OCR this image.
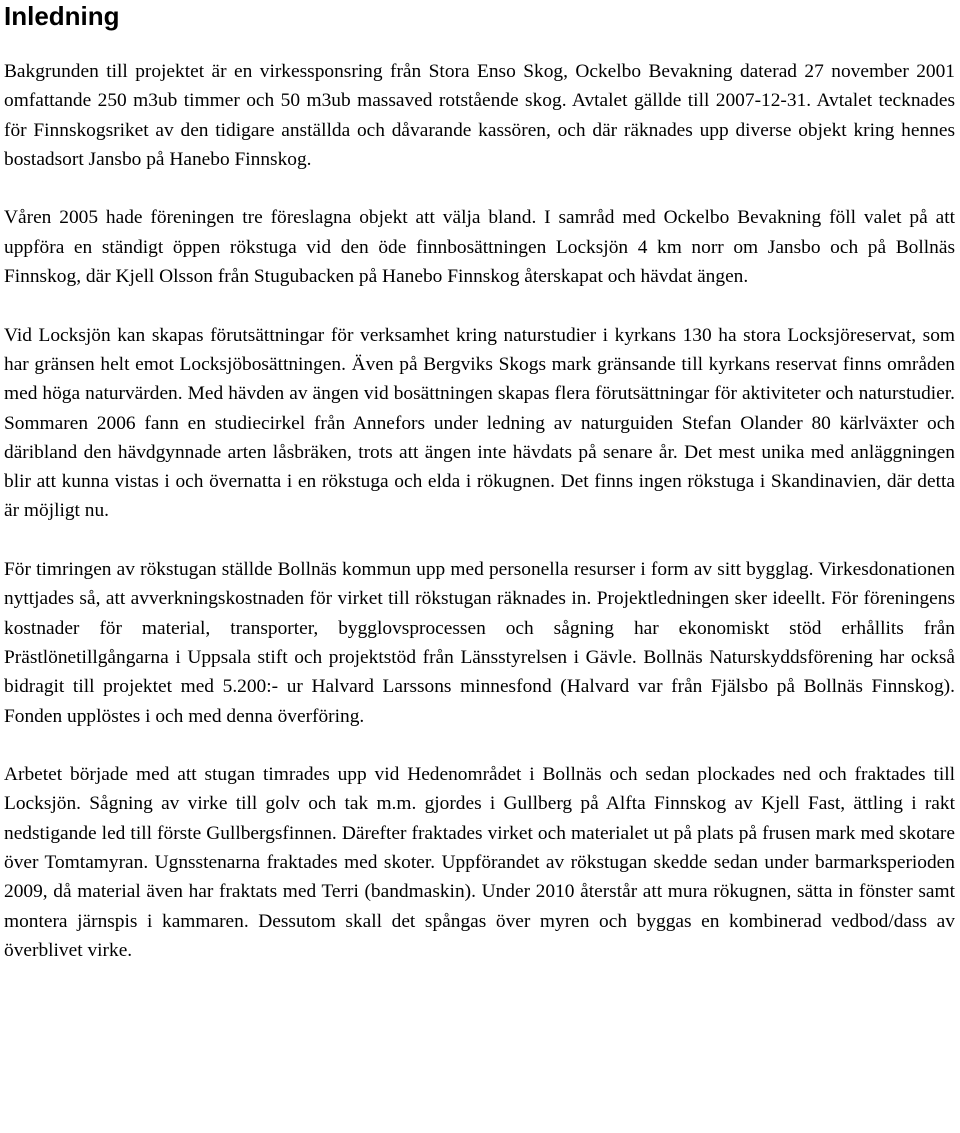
Inledning

Bakgrunden till projektet är en virkessponsring från Stora Enso Skog, Ockelbo Bevakning daterad 27 november 2001 omfattande 250 m3ub timmer och 50 m3ub massaved rotstående skog. Avtalet gällde till 2007-12-31. Avtalet tecknades för Finnskogsriket av den tidigare anställda och dåvarande kassören, och där räknades upp diverse objekt kring hennes bostadsort Jansbo på Hanebo Finnskog.

Våren 2005 hade föreningen tre föreslagna objekt att välja bland. I samråd med Ockelbo Bevakning föll valet på att uppföra en ständigt öppen rökstuga vid den öde finnbosättningen Locksjön 4 km norr om Jansbo och på Bollnäs Finnskog, där Kjell Olsson från Stugubacken på Hanebo Finnskog återskapat och hävdat ängen.

Vid Locksjön kan skapas förutsättningar för verksamhet kring naturstudier i kyrkans 130 ha stora Locksjöreservat, som har gränsen helt emot Locksjöbosättningen. Även på Bergviks Skogs mark gränsande till kyrkans reservat finns områden med höga naturvärden. Med hävden av ängen vid bosättningen skapas flera förutsättningar för aktiviteter och naturstudier. Sommaren 2006 fann en studiecirkel från Annefors under ledning av naturguiden Stefan Olander 80 kärlväxter och däribland den hävdgynnade arten låsbräken, trots att ängen inte hävdats på senare år. Det mest unika med anläggningen blir att kunna vistas i och övernatta i en rökstuga och elda i rökugnen. Det finns ingen rökstuga i Skandinavien, där detta är möjligt nu.

För timringen av rökstugan ställde Bollnäs kommun upp med personella resurser i form av sitt bygglag. Virkesdonationen nyttjades så, att avverkningskostnaden för virket till rökstugan räknades in. Projektledningen sker ideellt. För föreningens kostnader för material, transporter, bygglovsprocessen och sågning har ekonomiskt stöd erhållits från Prästlönetillgångarna i Uppsala stift och projektstöd från Länsstyrelsen i Gävle. Bollnäs Naturskyddsförening har också bidragit till projektet med 5.200:- ur Halvard Larssons minnesfond (Halvard var från Fjälsbo på Bollnäs Finnskog). Fonden upplöstes i och med denna överföring.

Arbetet började med att stugan timrades upp vid Hedenområdet i Bollnäs och sedan plockades ned och fraktades till Locksjön. Sågning av virke till golv och tak m.m. gjordes i Gullberg på Alfta Finnskog av Kjell Fast, ättling i rakt nedstigande led till förste Gullbergsfinnen. Därefter fraktades virket och materialet ut på plats på frusen mark med skotare över Tomtamyran. Ugnsstenarna fraktades med skoter. Uppförandet av rökstugan skedde sedan under barmarksperioden 2009, då material även har fraktats med Terri (bandmaskin). Under 2010 återstår att mura rökugnen, sätta in fönster samt montera järnspis i kammaren. Dessutom skall det spångas över myren och byggas en kombinerad vedbod/dass av överblivet virke.
